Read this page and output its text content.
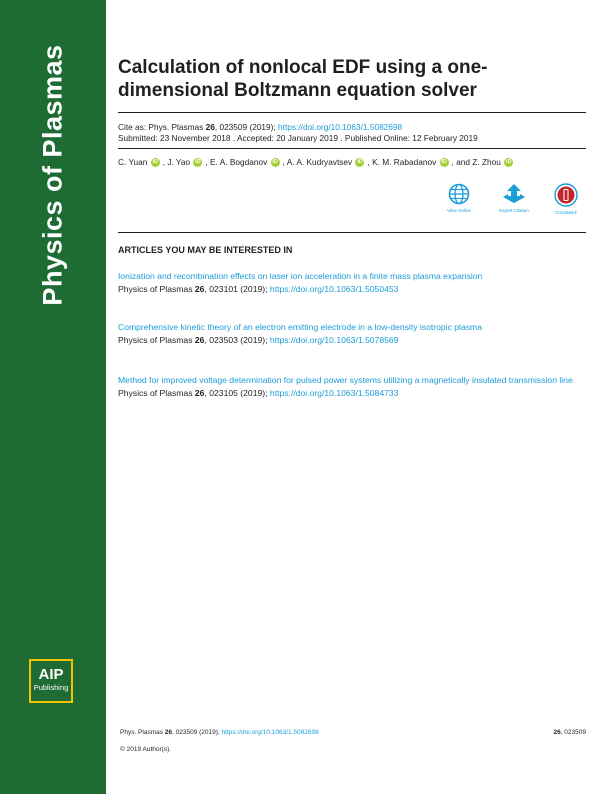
Physics of Plasmas
AIP
Publishing
Calculation of nonlocal EDF using a one-dimensional Boltzmann equation solver
Cite as: Phys. Plasmas 26, 023509 (2019); https://doi.org/10.1063/1.5082698
Submitted: 23 November 2018 . Accepted: 20 January 2019 . Published Online: 12 February 2019
C. Yuan iD , J. Yao iD , E. A. Bogdanov iD , A. A. Kudryavtsev iD , K. M. Rabadanov iD , and Z. Zhou iD
View Online	Export Citation	CrossMark
ARTICLES YOU MAY BE INTERESTED IN
Ionization and recombination effects on laser ion acceleration in a finite mass plasma expansion
Physics of Plasmas 26, 023101 (2019); https://doi.org/10.1063/1.5050453
Comprehensive kinetic theory of an electron emitting electrode in a low-density isotropic plasma
Physics of Plasmas 26, 023503 (2019); https://doi.org/10.1063/1.5078569
Method for improved voltage determination for pulsed power systems utilizing a magnetically insulated transmission line
Physics of Plasmas 26, 023105 (2019); https://doi.org/10.1063/1.5084733
Phys. Plasmas 26, 023509 (2019); https://doi.org/10.1063/1.5082698	26, 023509
© 2019 Author(s).
